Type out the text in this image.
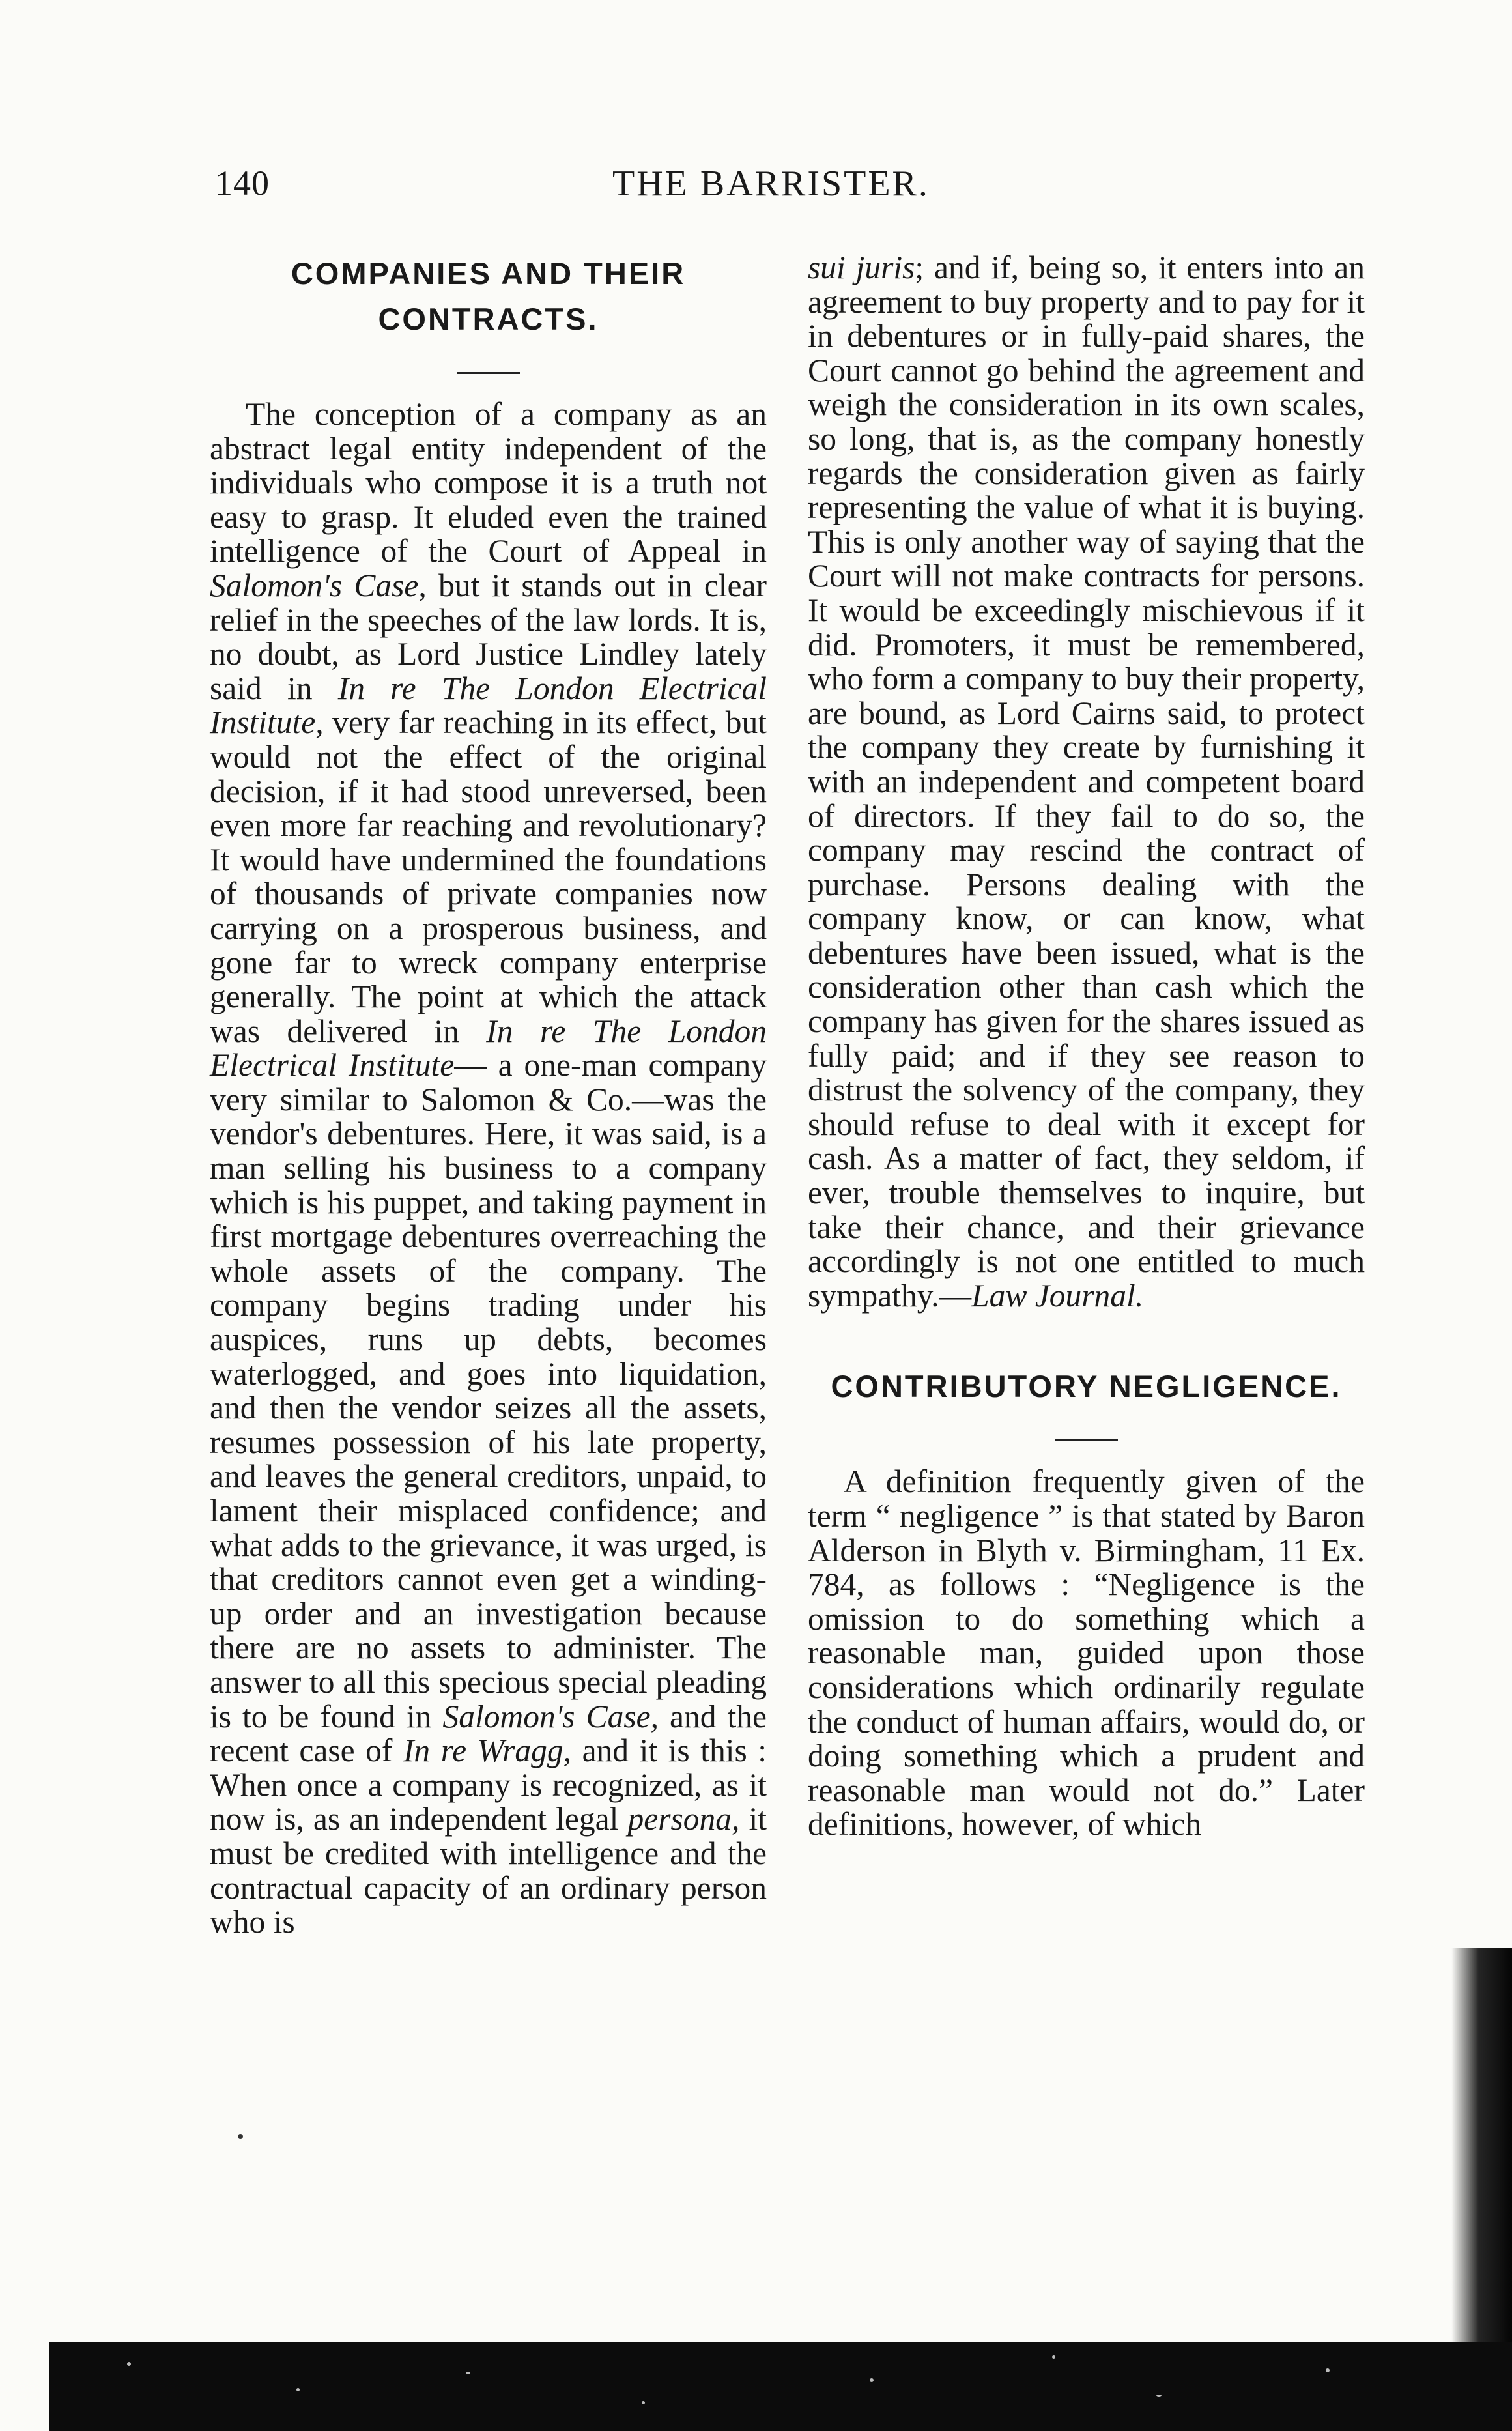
140	THE BARRISTER.
COMPANIES AND THEIR CONTRACTS.

The conception of a company as an abstract legal entity independent of the individuals who compose it is a truth not easy to grasp. It eluded even the trained intelligence of the Court of Appeal in Salomon's Case, but it stands out in clear relief in the speeches of the law lords. It is, no doubt, as Lord Justice Lindley lately said in In re The London Electrical Institute, very far reaching in its effect, but would not the effect of the original decision, if it had stood unreversed, been even more far reaching and revolutionary? It would have undermined the foundations of thousands of private companies now carrying on a prosperous business, and gone far to wreck company enterprise generally. The point at which the attack was delivered in In re The London Electrical Institute— a one-man company very similar to Salomon & Co.—was the vendor's debentures. Here, it was said, is a man selling his business to a company which is his puppet, and taking payment in first mortgage debentures overreaching the whole assets of the company. The company begins trading under his auspices, runs up debts, becomes waterlogged, and goes into liquidation, and then the vendor seizes all the assets, resumes possession of his late property, and leaves the general creditors, unpaid, to lament their misplaced confidence; and what adds to the grievance, it was urged, is that creditors cannot even get a winding-up order and an investigation because there are no assets to administer. The answer to all this specious special pleading is to be found in Salomon's Case, and the recent case of In re Wragg, and it is this : When once a company is recognized, as it now is, as an independent legal persona, it must be credited with intelligence and the contractual capacity of an ordinary person who is

sui juris; and if, being so, it enters into an agreement to buy property and to pay for it in debentures or in fully-paid shares, the Court cannot go behind the agreement and weigh the consideration in its own scales, so long, that is, as the company honestly regards the consideration given as fairly representing the value of what it is buying. This is only another way of saying that the Court will not make contracts for persons. It would be exceedingly mischievous if it did. Promoters, it must be remembered, who form a company to buy their property, are bound, as Lord Cairns said, to protect the company they create by furnishing it with an independent and competent board of directors. If they fail to do so, the company may rescind the contract of purchase. Persons dealing with the company know, or can know, what debentures have been issued, what is the consideration other than cash which the company has given for the shares issued as fully paid; and if they see reason to distrust the solvency of the company, they should refuse to deal with it except for cash. As a matter of fact, they seldom, if ever, trouble themselves to inquire, but take their chance, and their grievance accordingly is not one entitled to much sympathy.—Law Journal.

CONTRIBUTORY NEGLIGENCE.

A definition frequently given of the term “ negligence ” is that stated by Baron Alderson in Blyth v. Birmingham, 11 Ex. 784, as follows : “Negligence is the omission to do something which a reasonable man, guided upon those considerations which ordinarily regulate the conduct of human affairs, would do, or doing something which a prudent and reasonable man would not do.” Later definitions, however, of which
